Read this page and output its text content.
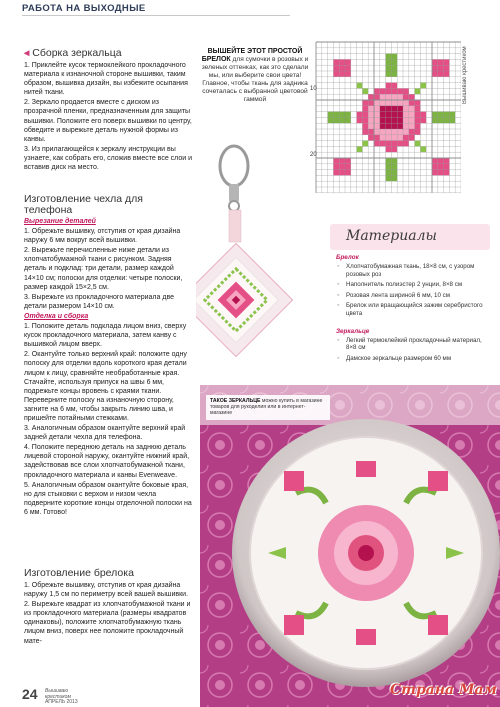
РАБОТА НА ВЫХОДНЫЕ
◂ Сборка зеркальца

1. Приклейте кусок термоклейкого прокладочного материала к изнаночной стороне вышивки, таким образом, вышивка дизайн, вы избежите осыпания нитей ткани.

2. Зеркало продается вместе с диском из прозрачной пленки, предназначенным для защиты вышивки. Положите его поверх вышивки по центру, обведите и вырежьте деталь нужной формы из канвы.

3. Из прилагающейся к зеркалу инструкции вы узнаете, как собрать его, сложив вместе все слои и вставив диск на место.

Изготовление чехла для телефона
Вырезание деталей

1. Обрежьте вышивку, отступив от края дизайна наружу 6 мм вокруг всей вышивки.

2. Вырежьте перечисленные ниже детали из хлопчатобумажной ткани с рисунком. Задняя деталь и подклад: три детали, размер каждой 14×10 см; полоски для отделки: четыре полоски, размер каждой 15×2,5 см.

3. Вырежьте из прокладочного материала две детали размером 14×10 см.

Отделка и сборка

1. Положите деталь подклада лицом вниз, сверху кусок прокладочного материала, затем канву с вышивкой лицом вверх.

2. Окантуйте только верхний край: положите одну полоску для отделки вдоль короткого края детали лицом к лицу, сравняйте необработанные края. Стачайте, используя припуск на швы 6 мм, подрежьте концы вровень с краями ткани. Переверните полоску на изнаночную сторону, загните на 6 мм, чтобы закрыть линию шва, и пришейте потайными стежками.

3. Аналогичным образом окантуйте верхний край задней детали чехла для телефона.

4. Положите переднюю деталь на заднюю деталь лицевой стороной наружу, окантуйте нижний край, задействовав все слои хлопчатобумажной ткани, прокладочного материала и канвы Evenweave.

5. Аналогичным образом окантуйте боковые края, но для стыковки с верхом и низом чехла подверните короткие концы отделочной полоски на 6 мм. Готово!

Изготовление брелока

1. Обрежьте вышивку, отступив от края дизайна наружу 1,5 см по периметру всей вашей вышивки.

2. Вырежьте квадрат из хлопчатобумажной ткани и из прокладочного материала (размеры квадратов одинаковы), положите хлопчатобумажную ткань лицом вниз, поверх нее положите прокладочный мате-

ВЫШЕЙТЕ ЭТОТ ПРОСТОЙ БРЕЛОК для сумочки в розовых и зеленых оттенках, как это сделали мы, или выберите свои цвета! Главное, чтобы ткань для задника сочеталась с выбранной цветовой гаммой
10
20
Вышиваю крестиком
Материалы
Брелок
▪ Хлопчатобумажная ткань, 18×8 см, с узором розовых роз
▪ Наполнитель полиэстер 2 унции, 8×8 см
▪ Розовая лента шириной 6 мм, 10 см
▪ Брелок или вращающийся зажим серебристого цвета
Зеркальце
▪ Легкий термоклейкий прокладочный материал, 8×8 см
▪ Дамское зеркальце размером 60 мм
ТАКОЕ ЗЕРКАЛЬЦЕ можно купить в магазине товаров для рукоделия или в интернет-магазине
24 Вышиваю
крестиком
АПРЕЛЬ 2013
Страна Мам
